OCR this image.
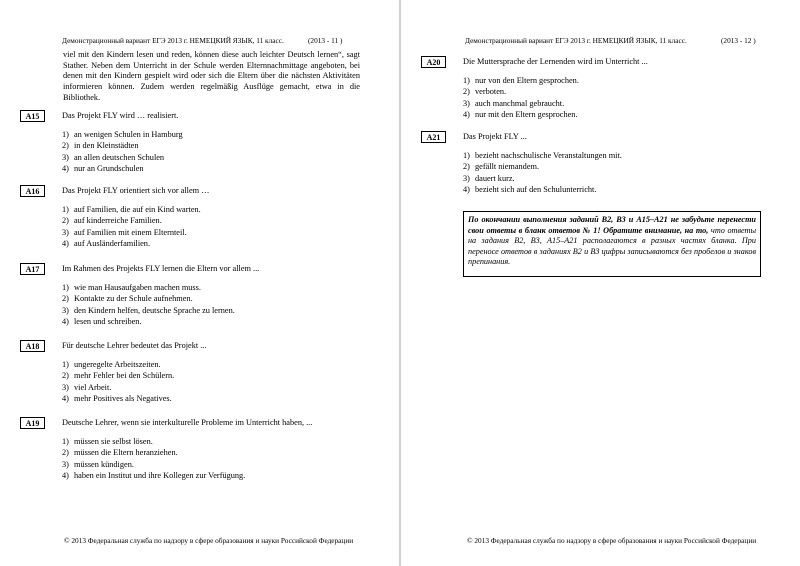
Демонстрационный вариант ЕГЭ 2013 г. НЕМЕЦКИЙ ЯЗЫК, 11 класс.	(2013 - 11 )

viel mit den Kindern lesen und reden, können diese auch leichter Deutsch lernen“, sagt Stather. Neben dem Unterricht in der Schule werden Elternnachmittage angeboten, bei denen mit den Kindern gespielt wird oder sich die Eltern über die nächsten Aktivitäten informieren können. Zudem werden regelmäßig Ausflüge gemacht, etwa in die Bibliothek.

A15	Das Projekt FLY wird … realisiert.
1) an wenigen Schulen in Hamburg
2) in den Kleinstädten
3) an allen deutschen Schulen
4) nur an Grundschulen
A16	Das Projekt FLY orientiert sich vor allem …
1) auf Familien, die auf ein Kind warten.
2) auf kinderreiche Familien.
3) auf Familien mit einem Elternteil.
4) auf Ausländerfamilien.
A17	Im Rahmen des Projekts FLY lernen die Eltern vor allem ...
1) wie man Hausaufgaben machen muss.
2) Kontakte zu der Schule aufnehmen.
3) den Kindern helfen, deutsche Sprache zu lernen.
4) lesen und schreiben.
A18	Für deutsche Lehrer bedeutet das Projekt ...
1) ungeregelte Arbeitszeiten.
2) mehr Fehler bei den Schülern.
3) viel Arbeit.
4) mehr Positives als Negatives.
A19	Deutsche Lehrer, wenn sie interkulturelle Probleme im Unterricht haben, ...
1) müssen sie selbst lösen.
2) müssen die Eltern heranziehen.
3) müssen kündigen.
4) haben ein Institut und ihre Kollegen zur Verfügung.
© 2013 Федеральная служба по надзору в сфере образования и науки Российской Федерации
Демонстрационный вариант ЕГЭ 2013 г. НЕМЕЦКИЙ ЯЗЫК, 11 класс.	(2013 - 12 )
A20	Die Muttersprache der Lernenden wird im Unterricht ...
1) nur von den Eltern gesprochen.
2) verboten.
3) auch manchmal gebraucht.
4) nur mit den Eltern gesprochen.
A21	Das Projekt FLY ...
1) bezieht nachschulische Veranstaltungen mit.
2) gefällt niemandem.
3) dauert kurz.
4) bezieht sich auf den Schulunterricht.
© 2013 Федеральная служба по надзору в сфере образования и науки Российской Федерации
По окончании выполнения заданий В2, В3 и А15–А21 не забудьте перенести свои ответы в бланк ответов № 1! Обратите внимание, на то, что ответы на задания В2, В3, А15–А21 располагаются в разных частях бланка. При переносе ответов в заданиях В2 и В3 цифры записываются без пробелов и знаков препинания.
